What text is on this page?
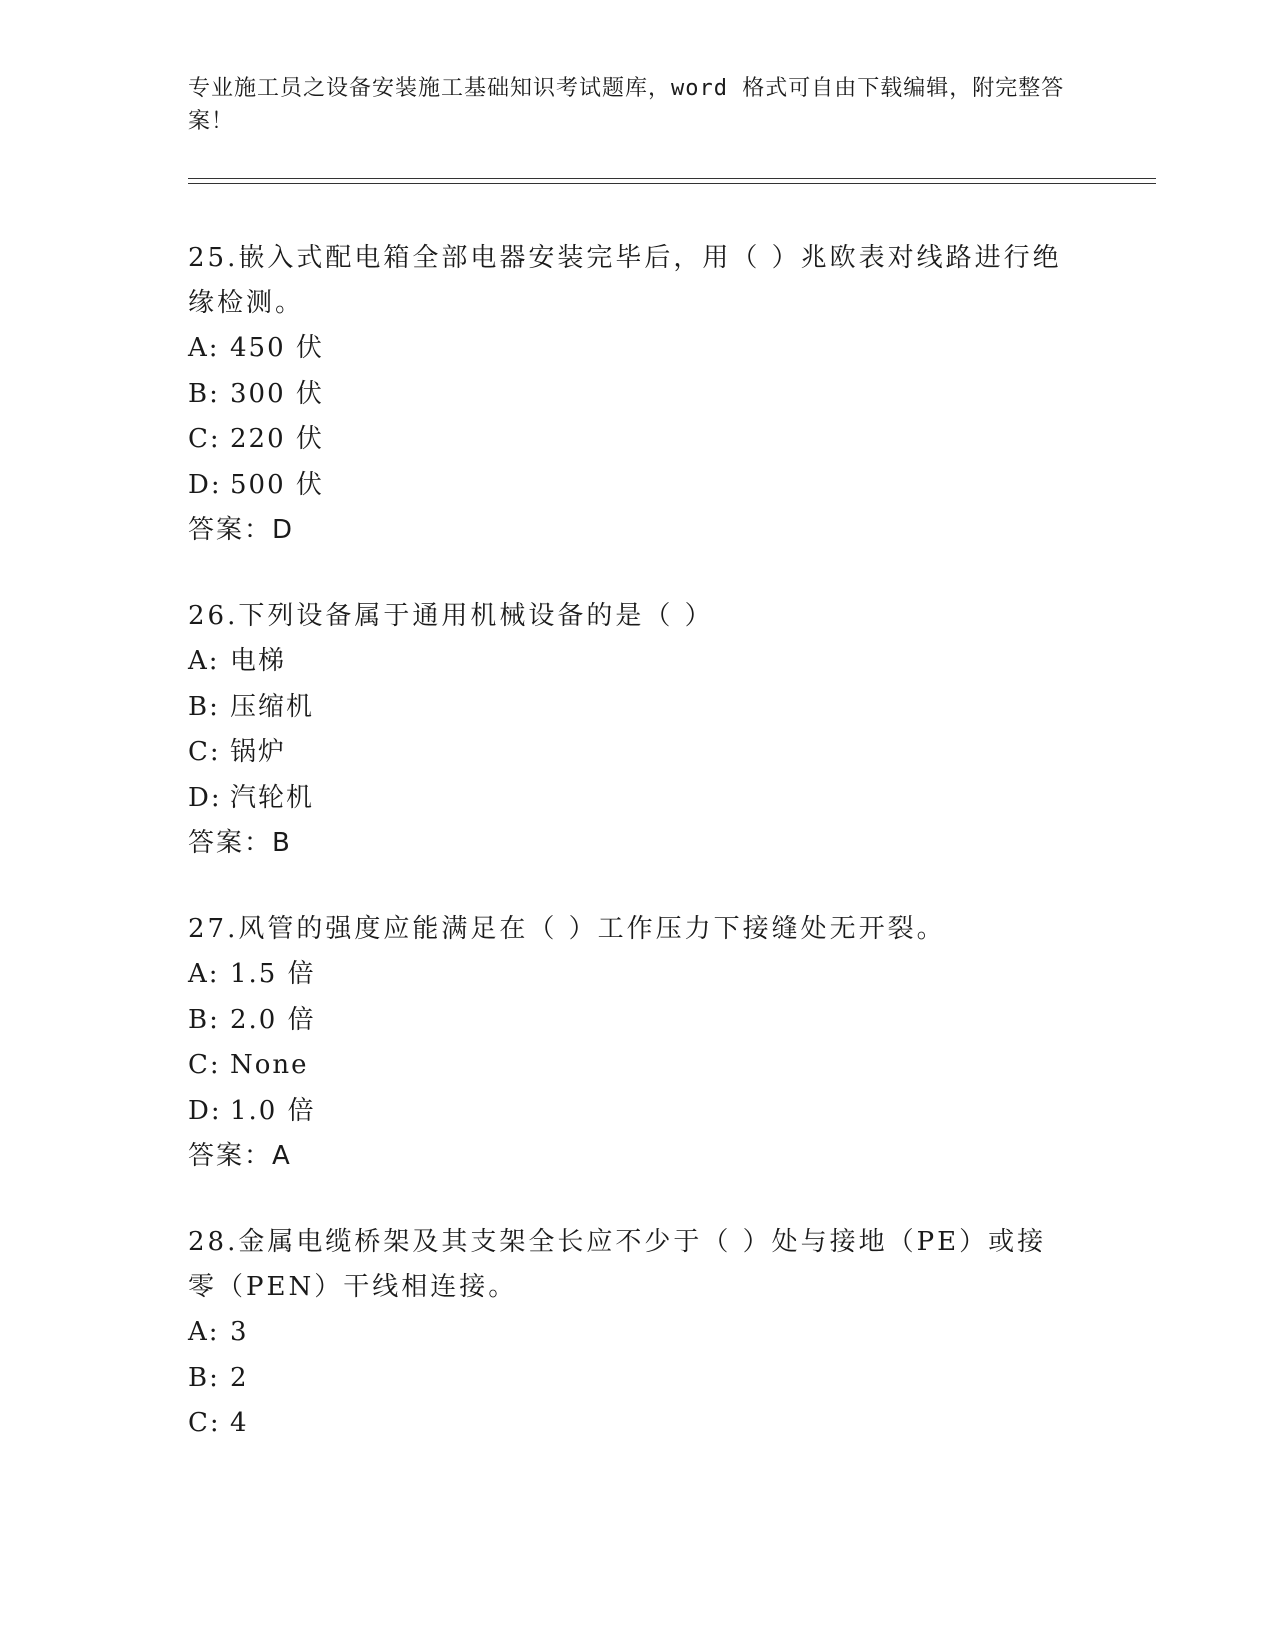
专业施工员之设备安装施工基础知识考试题库，word 格式可自由下载编辑，附完整答案！

25.嵌入式配电箱全部电器安装完毕后，用（ ）兆欧表对线路进行绝缘检测。

A: 450 伏

B: 300 伏

C: 220 伏

D: 500 伏

答案：D

26.下列设备属于通用机械设备的是（ ）

A: 电梯

B: 压缩机

C: 锅炉

D: 汽轮机

答案：B

27.风管的强度应能满足在（ ）工作压力下接缝处无开裂。

A: 1.5 倍

B: 2.0 倍

C: None

D: 1.0 倍

答案：A

28.金属电缆桥架及其支架全长应不少于（ ）处与接地（PE）或接零（PEN）干线相连接。

A: 3

B: 2

C: 4
